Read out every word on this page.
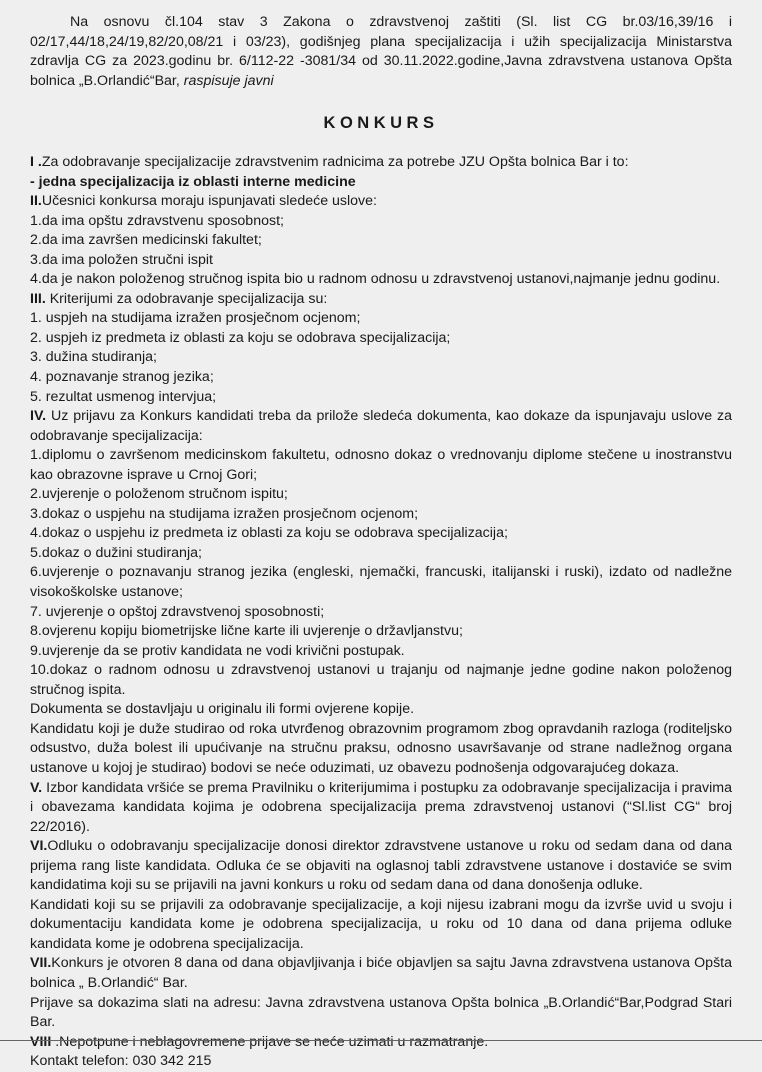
Na osnovu čl.104 stav 3 Zakona o zdravstvenoj zaštiti (Sl. list CG br.03/16,39/16 i 02/17,44/18,24/19,82/20,08/21 i 03/23), godišnjeg plana specijalizacija i užih specijalizacija Ministarstva zdravlja CG za 2023.godinu br. 6/112-22 -3081/34 od 30.11.2022.godine,Javna zdravstvena ustanova Opšta bolnica „B.Orlandić“Bar, raspisuje javni
KONKURS
I .Za odobravanje specijalizacije zdravstvenim radnicima za potrebe JZU Opšta bolnica Bar i to:
- jedna specijalizacija iz oblasti interne medicine
II.Učesnici konkursa moraju ispunjavati sledeće uslove:
1.da ima opštu zdravstvenu sposobnost;
2.da ima završen medicinski fakultet;
3.da ima položen stručni ispit
4.da je nakon položenog stručnog ispita bio u radnom odnosu u zdravstvenoj ustanovi,najmanje jednu godinu.
III. Kriterijumi za odobravanje specijalizacija su:
1. uspjeh na studijama izražen prosječnom ocjenom;
2. uspjeh iz predmeta iz oblasti za koju se odobrava specijalizacija;
3. dužina studiranja;
4. poznavanje stranog jezika;
5. rezultat usmenog intervjua;
IV. Uz prijavu za Konkurs kandidati treba da prilože sledeća dokumenta, kao dokaze da ispunjavaju uslove za odobravanje specijalizacija:
1.diplomu o završenom medicinskom fakultetu, odnosno dokaz o vrednovanju diplome stečene u inostranstvu kao obrazovne isprave u Crnoj Gori;
2.uvjerenje o položenom stručnom ispitu;
3.dokaz o uspjehu na studijama izražen prosječnom ocjenom;
4.dokaz o uspjehu iz predmeta iz oblasti za koju se odobrava specijalizacija;
5.dokaz o dužini studiranja;
6.uvjerenje o poznavanju stranog jezika (engleski, njemački, francuski, italijanski i ruski), izdato od nadležne visokoškolske ustanove;
7. uvjerenje o opštoj zdravstvenoj sposobnosti;
8.ovjerenu kopiju biometrijske lične karte ili uvjerenje o državljanstvu;
9.uvjerenje da se protiv kandidata ne vodi krivični postupak.
10.dokaz o radnom odnosu u zdravstvenoj ustanovi u trajanju od najmanje jedne godine nakon položenog stručnog ispita.
Dokumenta se dostavljaju u originalu ili formi ovjerene kopije.
Kandidatu koji je duže studirao od roka utvrđenog obrazovnim programom zbog opravdanih razloga (roditeljsko odsustvo, duža bolest ili upućivanje na stručnu praksu, odnosno usavršavanje od strane nadležnog organa ustanove u kojoj je studirao) bodovi se neće oduzimati, uz obavezu podnošenja odgovarajućeg dokaza.
V. Izbor kandidata vršiće se prema Pravilniku o kriterijumima i postupku za odobravanje specijalizacija i pravima i obavezama kandidata kojima je odobrena specijalizacija prema zdravstvenoj ustanovi (“Sl.list CG“ broj 22/2016).
VI.Odluku o odobravanju specijalizacije donosi direktor zdravstvene ustanove u roku od sedam dana od dana prijema rang liste kandidata. Odluka će se objaviti na oglasnoj tabli zdravstvene ustanove i dostaviće se svim kandidatima koji su se prijavili na javni konkurs u roku od sedam dana od dana donošenja odluke.
Kandidati koji su se prijavili za odobravanje specijalizacije, a koji nijesu izabrani mogu da izvrše uvid u svoju i dokumentaciju kandidata kome je odobrena specijalizacija, u roku od 10 dana od dana prijema odluke kandidata kome je odobrena specijalizacija.
VII.Konkurs je otvoren 8 dana od dana objavljivanja i biće objavljen sa sajtu Javna zdravstvena ustanova Opšta bolnica „ B.Orlandić“ Bar.
Prijave sa dokazima slati na adresu: Javna zdravstvena ustanova Opšta bolnica „B.Orlandić“Bar,Podgrad Stari Bar.
VIII .Nepotpune i neblagovremene prijave se neće uzimati u razmatranje.
Kontakt telefon: 030 342 215
